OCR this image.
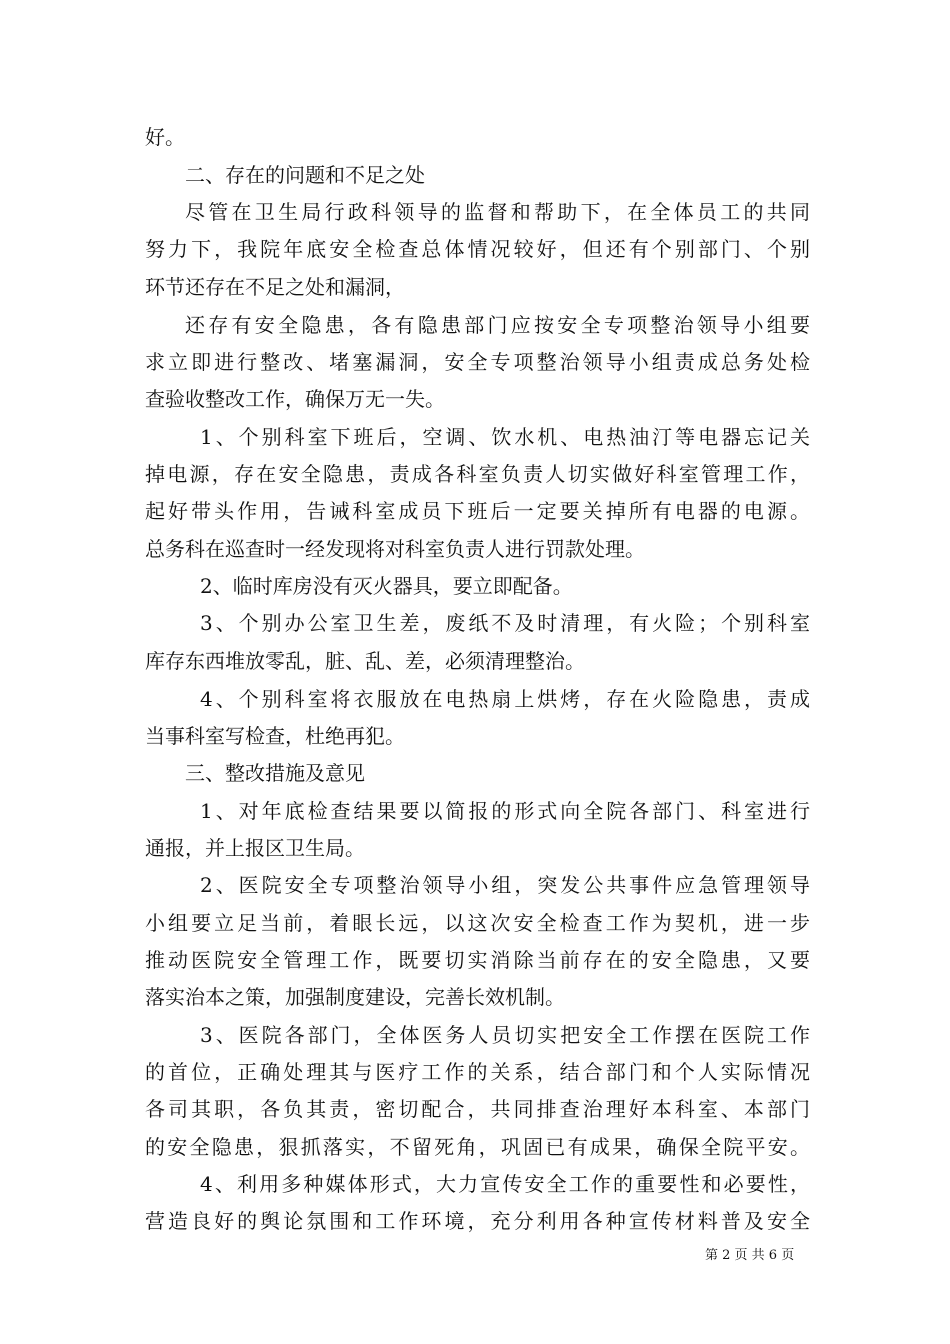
好。
二、存在的问题和不足之处
尽管在卫生局行政科领导的监督和帮助下，在全体员工的共同
努力下，我院年底安全检查总体情况较好，但还有个别部门、个别
环节还存在不足之处和漏洞，
还存有安全隐患，各有隐患部门应按安全专项整治领导小组要
求立即进行整改、堵塞漏洞，安全专项整治领导小组责成总务处检
查验收整改工作，确保万无一失。
1、个别科室下班后，空调、饮水机、电热油汀等电器忘记关
掉电源，存在安全隐患，责成各科室负责人切实做好科室管理工作，
起好带头作用，告诫科室成员下班后一定要关掉所有电器的电源。
总务科在巡查时一经发现将对科室负责人进行罚款处理。
2、临时库房没有灭火器具，要立即配备。
3、个别办公室卫生差，废纸不及时清理，有火险；个别科室
库存东西堆放零乱，脏、乱、差，必须清理整治。
4、个别科室将衣服放在电热扇上烘烤，存在火险隐患，责成
当事科室写检查，杜绝再犯。
三、整改措施及意见
1、对年底检查结果要以简报的形式向全院各部门、科室进行
通报，并上报区卫生局。
2、医院安全专项整治领导小组，突发公共事件应急管理领导
小组要立足当前，着眼长远，以这次安全检查工作为契机，进一步
推动医院安全管理工作，既要切实消除当前存在的安全隐患，又要
落实治本之策，加强制度建设，完善长效机制。
3、医院各部门，全体医务人员切实把安全工作摆在医院工作
的首位，正确处理其与医疗工作的关系，结合部门和个人实际情况
各司其职，各负其责，密切配合，共同排查治理好本科室、本部门
的安全隐患，狠抓落实，不留死角，巩固已有成果，确保全院平安。
4、利用多种媒体形式，大力宣传安全工作的重要性和必要性，
营造良好的舆论氛围和工作环境，充分利用各种宣传材料普及安全
第 2 页 共 6 页
